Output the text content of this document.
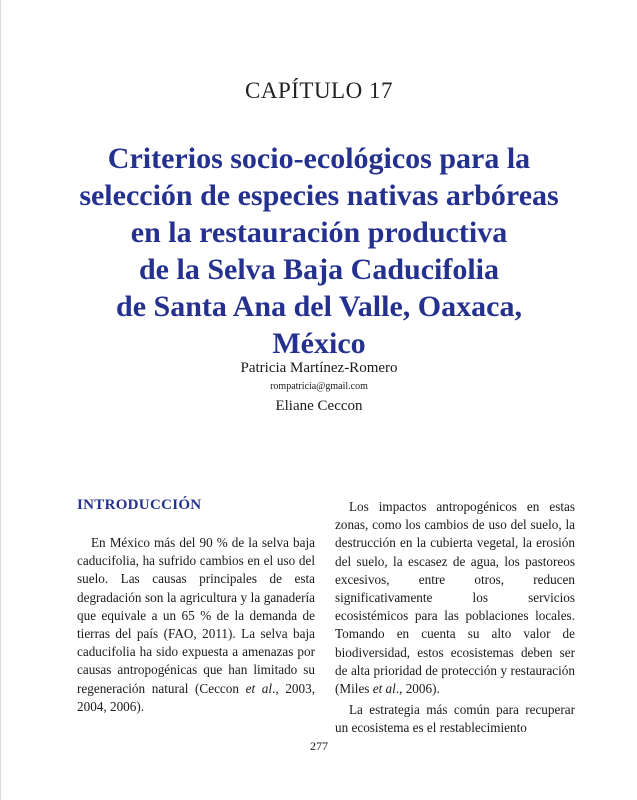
CAPÍTULO 17
Criterios socio-ecológicos para la
selección de especies nativas arbóreas
en la restauración productiva
de la Selva Baja Caducifolia
de Santa Ana del Valle, Oaxaca,
México
Patricia Martínez-Romero
rompatricia@gmail.com
Eliane Ceccon
INTRODUCCIÓN

En México más del 90 % de la selva baja caducifolia, ha sufrido cambios en el uso del suelo. Las causas principales de esta degradación son la agricultura y la ganadería que equivale a un 65 % de la demanda de tierras del país (FAO, 2011). La selva baja caducifolia ha sido expuesta a amenazas por causas antropogénicas que han limitado su regeneración natural (Ceccon et al., 2003, 2004, 2006).

Los impactos antropogénicos en estas zonas, como los cambios de uso del suelo, la destrucción en la cubierta vegetal, la erosión del suelo, la escasez de agua, los pastoreos excesivos, entre otros, reducen significativamente los servicios ecosistémicos para las poblaciones locales. Tomando en cuenta su alto valor de biodiversidad, estos ecosistemas deben ser de alta prioridad de protección y restauración (Miles et al., 2006).

La estrategia más común para recuperar un ecosistema es el restablecimiento

277
